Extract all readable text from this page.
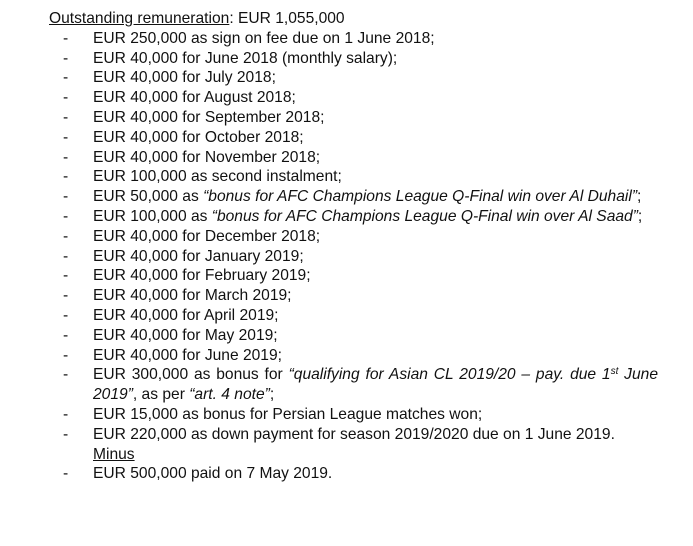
Outstanding remuneration: EUR 1,055,000
- EUR 250,000 as sign on fee due on 1 June 2018;
- EUR 40,000 for June 2018 (monthly salary);
- EUR 40,000 for July 2018;
- EUR 40,000 for August 2018;
- EUR 40,000 for September 2018;
- EUR 40,000 for October 2018;
- EUR 40,000 for November 2018;
- EUR 100,000 as second instalment;
- EUR 50,000 as “bonus for AFC Champions League Q-Final win over Al Duhail”;
- EUR 100,000 as “bonus for AFC Champions League Q-Final win over Al Saad”;
- EUR 40,000 for December 2018;
- EUR 40,000 for January 2019;
- EUR 40,000 for February 2019;
- EUR 40,000 for March 2019;
- EUR 40,000 for April 2019;
- EUR 40,000 for May 2019;
- EUR 40,000 for June 2019;
- EUR 300,000 as bonus for “qualifying for Asian CL 2019/20 – pay. due 1st June 2019”, as per “art. 4 note”;
- EUR 15,000 as bonus for Persian League matches won;
- EUR 220,000 as down payment for season 2019/2020 due on 1 June 2019.
Minus
- EUR 500,000 paid on 7 May 2019.
